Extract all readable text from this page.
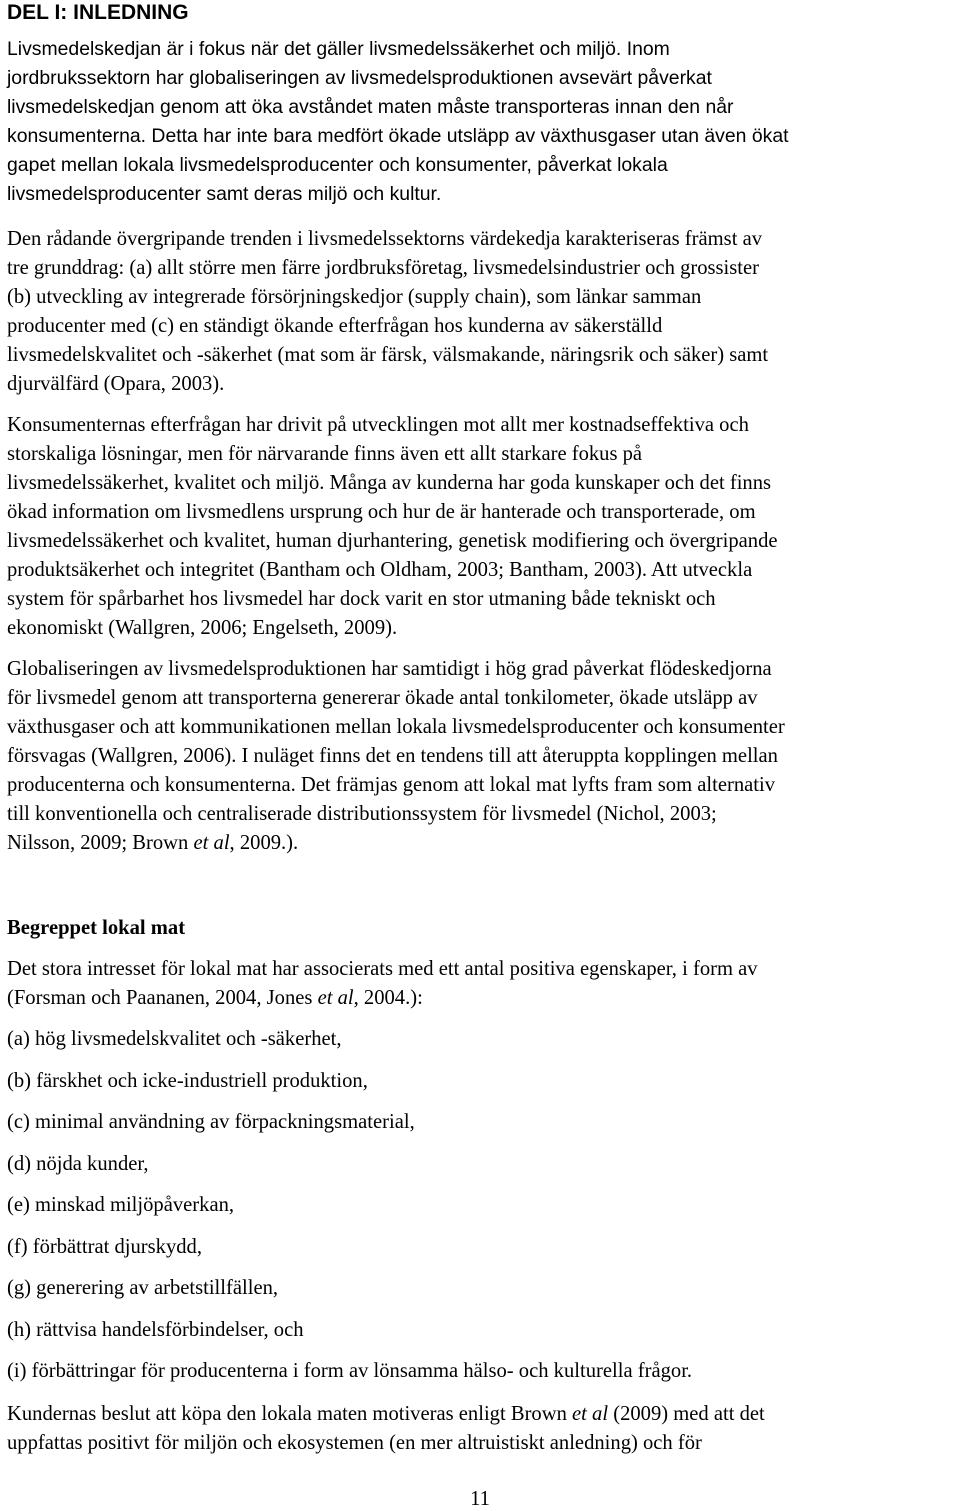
DEL I: INLEDNING
Livsmedelskedjan är i fokus när det gäller livsmedelssäkerhet och miljö. Inom
jordbrukssektorn har globaliseringen av livsmedelsproduktionen avsevärt påverkat
livsmedelskedjan genom att öka avståndet maten måste transporteras innan den når
konsumenterna. Detta har inte bara medfört ökade utsläpp av växthusgaser utan även ökat
gapet mellan lokala livsmedelsproducenter och konsumenter, påverkat lokala
livsmedelsproducenter samt deras miljö och kultur.
Den rådande övergripande trenden i livsmedelssektorns värdekedja karakteriseras främst av
tre grunddrag: (a) allt större men färre jordbruksföretag, livsmedelsindustrier och grossister
(b) utveckling av integrerade försörjningskedjor (supply chain), som länkar samman
producenter med (c) en ständigt ökande efterfrågan hos kunderna av säkerställd
livsmedelskvalitet och -säkerhet (mat som är färsk, välsmakande, näringsrik och säker) samt
djurvälfärd (Opara, 2003).
Konsumenternas efterfrågan har drivit på utvecklingen mot allt mer kostnadseffektiva och
storskaliga lösningar, men för närvarande finns även ett allt starkare fokus på
livsmedelssäkerhet, kvalitet och miljö. Många av kunderna har goda kunskaper och det finns
ökad information om livsmedlens ursprung och hur de är hanterade och transporterade, om
livsmedelssäkerhet och kvalitet, human djurhantering, genetisk modifiering och övergripande
produktsäkerhet och integritet (Bantham och Oldham, 2003; Bantham, 2003). Att utveckla
system för spårbarhet hos livsmedel har dock varit en stor utmaning både tekniskt och
ekonomiskt (Wallgren, 2006; Engelseth, 2009).
Globaliseringen av livsmedelsproduktionen har samtidigt i hög grad påverkat flödeskedjorna
för livsmedel genom att transporterna genererar ökade antal tonkilometer, ökade utsläpp av
växthusgaser och att kommunikationen mellan lokala livsmedelsproducenter och konsumenter
försvagas (Wallgren, 2006). I nuläget finns det en tendens till att återuppta kopplingen mellan
producenterna och konsumenterna. Det främjas genom att lokal mat lyfts fram som alternativ
till konventionella och centraliserade distributionssystem för livsmedel (Nichol, 2003;
Nilsson, 2009; Brown et al, 2009.).
Begreppet lokal mat
Det stora intresset för lokal mat har associerats med ett antal positiva egenskaper, i form av
(Forsman och Paananen, 2004, Jones et al, 2004.):
(a) hög livsmedelskvalitet och -säkerhet,
(b) färskhet och icke-industriell produktion,
(c) minimal användning av förpackningsmaterial,
(d) nöjda kunder,
(e) minskad miljöpåverkan,
(f) förbättrat djurskydd,
(g) generering av arbetstillfällen,
(h) rättvisa handelsförbindelser, och
(i) förbättringar för producenterna i form av lönsamma hälso- och kulturella frågor.
Kundernas beslut att köpa den lokala maten motiveras enligt Brown et al (2009) med att det
uppfattas positivt för miljön och ekosystemen (en mer altruistiskt anledning) och för
11
